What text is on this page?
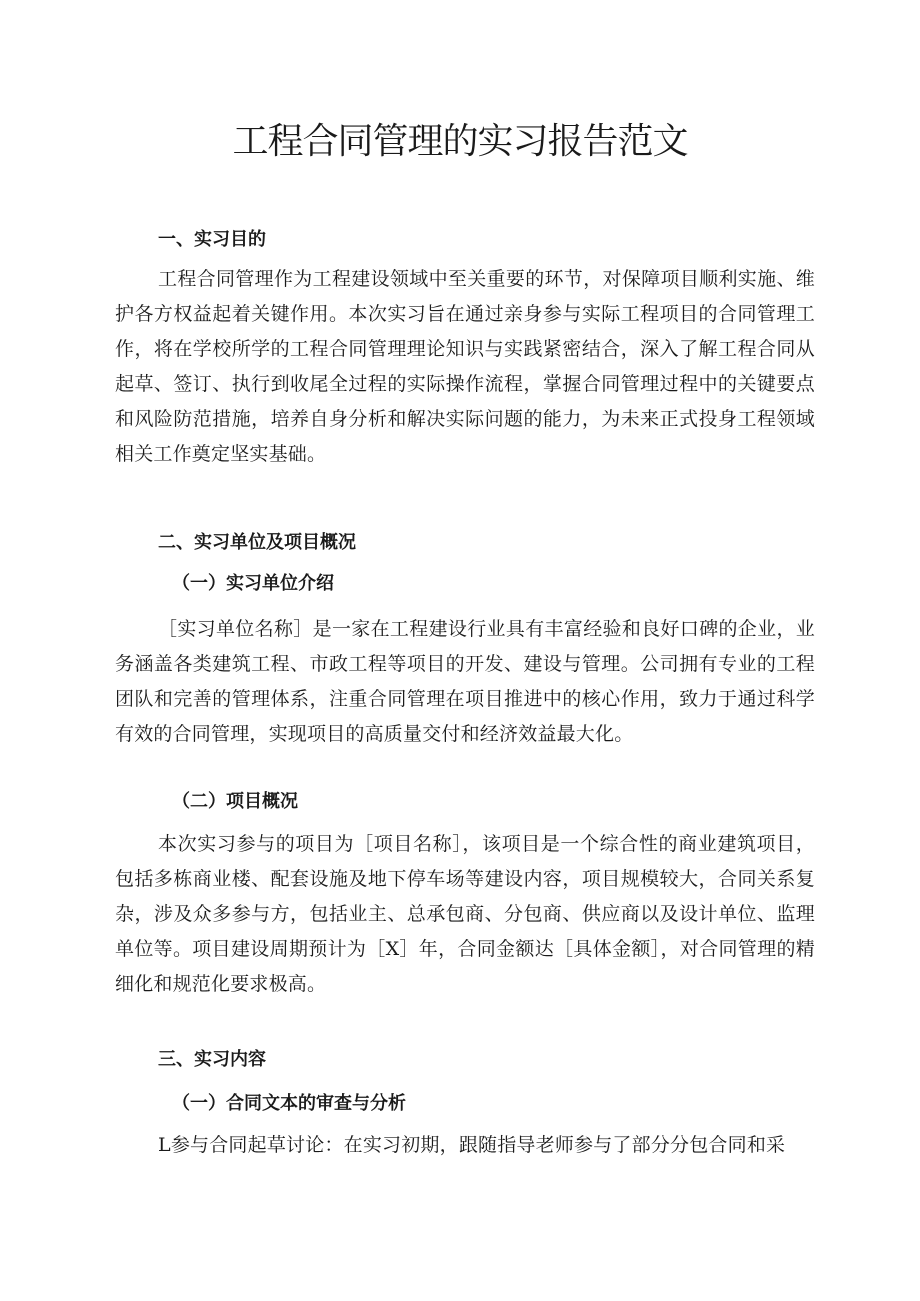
工程合同管理的实习报告范文
一、实习目的

工程合同管理作为工程建设领域中至关重要的环节，对保障项目顺利实施、维护各方权益起着关键作用。本次实习旨在通过亲身参与实际工程项目的合同管理工作，将在学校所学的工程合同管理理论知识与实践紧密结合，深入了解工程合同从起草、签订、执行到收尾全过程的实际操作流程，掌握合同管理过程中的关键要点和风险防范措施，培养自身分析和解决实际问题的能力，为未来正式投身工程领域相关工作奠定坚实基础。

二、实习单位及项目概况
（一）实习单位介绍

［实习单位名称］是一家在工程建设行业具有丰富经验和良好口碑的企业，业务涵盖各类建筑工程、市政工程等项目的开发、建设与管理。公司拥有专业的工程团队和完善的管理体系，注重合同管理在项目推进中的核心作用，致力于通过科学有效的合同管理，实现项目的高质量交付和经济效益最大化。

（二）项目概况

本次实习参与的项目为［项目名称］，该项目是一个综合性的商业建筑项目，包括多栋商业楼、配套设施及地下停车场等建设内容，项目规模较大，合同关系复杂，涉及众多参与方，包括业主、总承包商、分包商、供应商以及设计单位、监理单位等。项目建设周期预计为［X］年，合同金额达［具体金额］，对合同管理的精细化和规范化要求极高。

三、实习内容
（一）合同文本的审查与分析

L参与合同起草讨论：在实习初期，跟随指导老师参与了部分分包合同和采
